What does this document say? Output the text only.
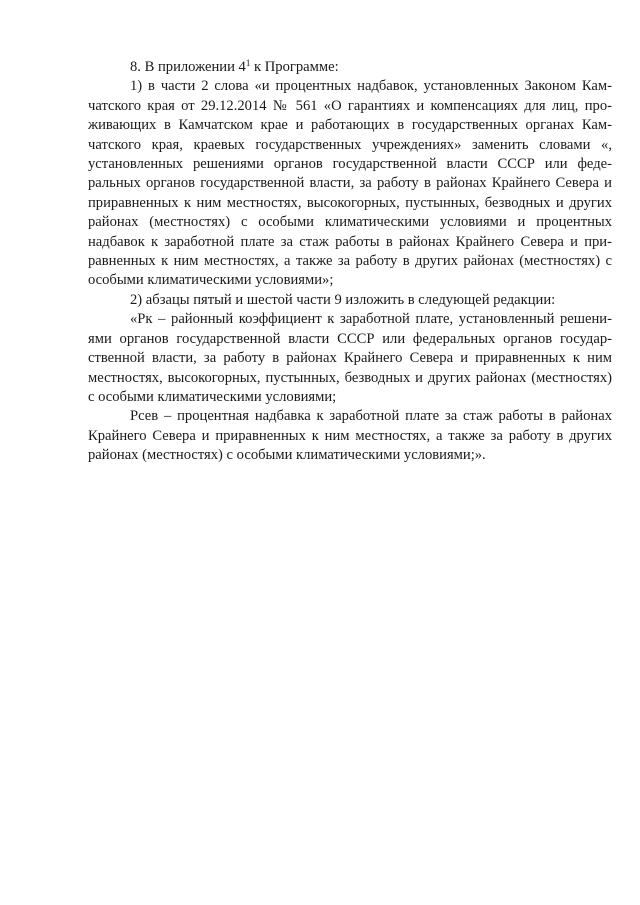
8. В приложении $4^1$ к Программе:

1) в части 2 слова «и процентных надбавок, установленных Законом Камчатского края от 29.12.2014 № 561 «О гарантиях и компенсациях для лиц, проживающих в Камчатском крае и работающих в государственных органах Камчатского края, краевых государственных учреждениях» заменить словами «, установленных решениями органов государственной власти СССР или федеральных органов государственной власти, за работу в районах Крайнего Севера и приравненных к ним местностях, высокогорных, пустынных, безводных и других районах (местностях) с особыми климатическими условиями и процентных надбавок к заработной плате за стаж работы в районах Крайнего Севера и приравненных к ним местностях, а также за работу в других районах (местностях) с особыми климатическими условиями»;

2) абзацы пятый и шестой части 9 изложить в следующей редакции:

«Рк – районный коэффициент к заработной плате, установленный решениями органов государственной власти СССР или федеральных органов государственной власти, за работу в районах Крайнего Севера и приравненных к ним местностях, высокогорных, пустынных, безводных и других районах (местностях) с особыми климатическими условиями;

Рсев – процентная надбавка к заработной плате за стаж работы в районах Крайнего Севера и приравненных к ним местностях, а также за работу в других районах (местностях) с особыми климатическими условиями;».
